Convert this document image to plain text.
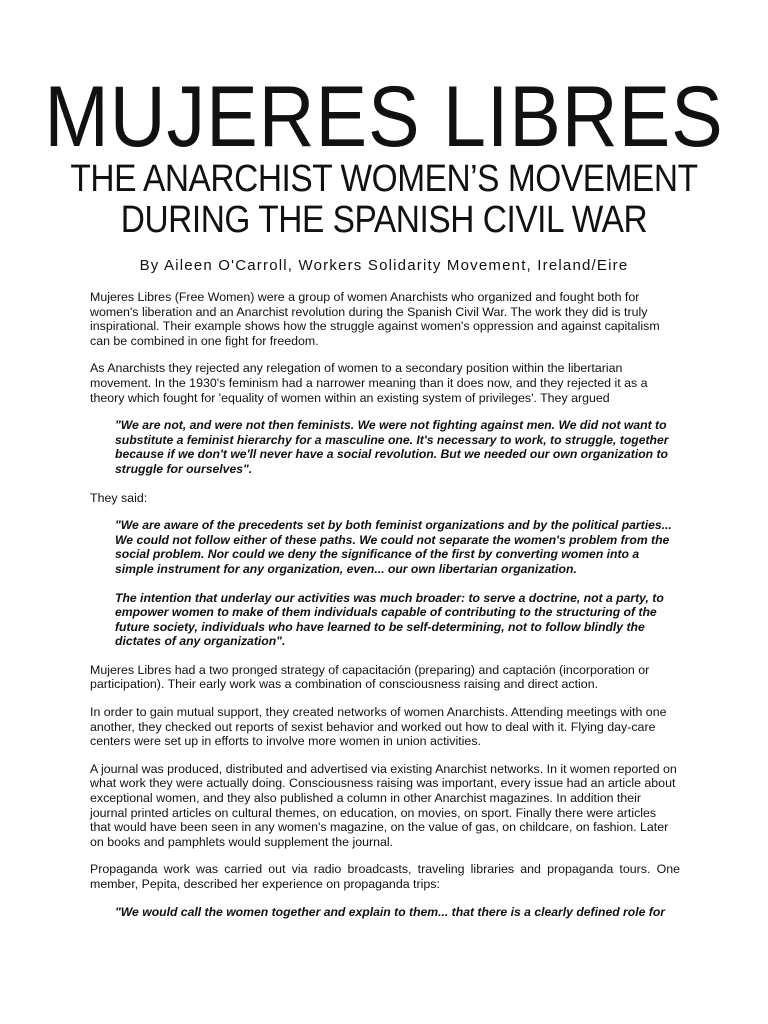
MUJERES LIBRES
THE ANARCHIST WOMEN’S MOVEMENT
DURING THE SPANISH CIVIL WAR
By Aileen O'Carroll, Workers Solidarity Movement, Ireland/Eire

Mujeres Libres (Free Women) were a group of women Anarchists who organized and fought both for women's liberation and an Anarchist revolution during the Spanish Civil War. The work they did is truly inspirational. Their example shows how the struggle against women's oppression and against capitalism can be combined in one fight for freedom.

As Anarchists they rejected any relegation of women to a secondary position within the libertarian movement. In the 1930's feminism had a narrower meaning than it does now, and they rejected it as a theory which fought for 'equality of women within an existing system of privileges'. They argued

"We are not, and were not then feminists. We were not fighting against men. We did not want to substitute a feminist hierarchy for a masculine one. It's necessary to work, to struggle, together because if we don't we'll never have a social revolution. But we needed our own organization to struggle for ourselves".

They said:

"We are aware of the precedents set by both feminist organizations and by the political parties... We could not follow either of these paths. We could not separate the women's problem from the social problem. Nor could we deny the significance of the first by converting women into a simple instrument for any organization, even... our own libertarian organization.
The intention that underlay our activities was much broader: to serve a doctrine, not a party, to empower women to make of them individuals capable of contributing to the structuring of the future society, individuals who have learned to be self-determining, not to follow blindly the dictates of any organization".

Mujeres Libres had a two pronged strategy of capacitación (preparing) and captación (incorporation or participation). Their early work was a combination of consciousness raising and direct action.

In order to gain mutual support, they created networks of women Anarchists. Attending meetings with one another, they checked out reports of sexist behavior and worked out how to deal with it. Flying day-care centers were set up in efforts to involve more women in union activities.

A journal was produced, distributed and advertised via existing Anarchist networks. In it women reported on what work they were actually doing. Consciousness raising was important, every issue had an article about exceptional women, and they also published a column in other Anarchist magazines. In addition their journal printed articles on cultural themes, on education, on movies, on sport. Finally there were articles that would have been seen in any women's magazine, on the value of gas, on childcare, on fashion. Later on books and pamphlets would supplement the journal.

Propaganda work was carried out via radio broadcasts, traveling libraries and propaganda tours. One member, Pepita, described her experience on propaganda trips:

"We would call the women together and explain to them... that there is a clearly defined role for
